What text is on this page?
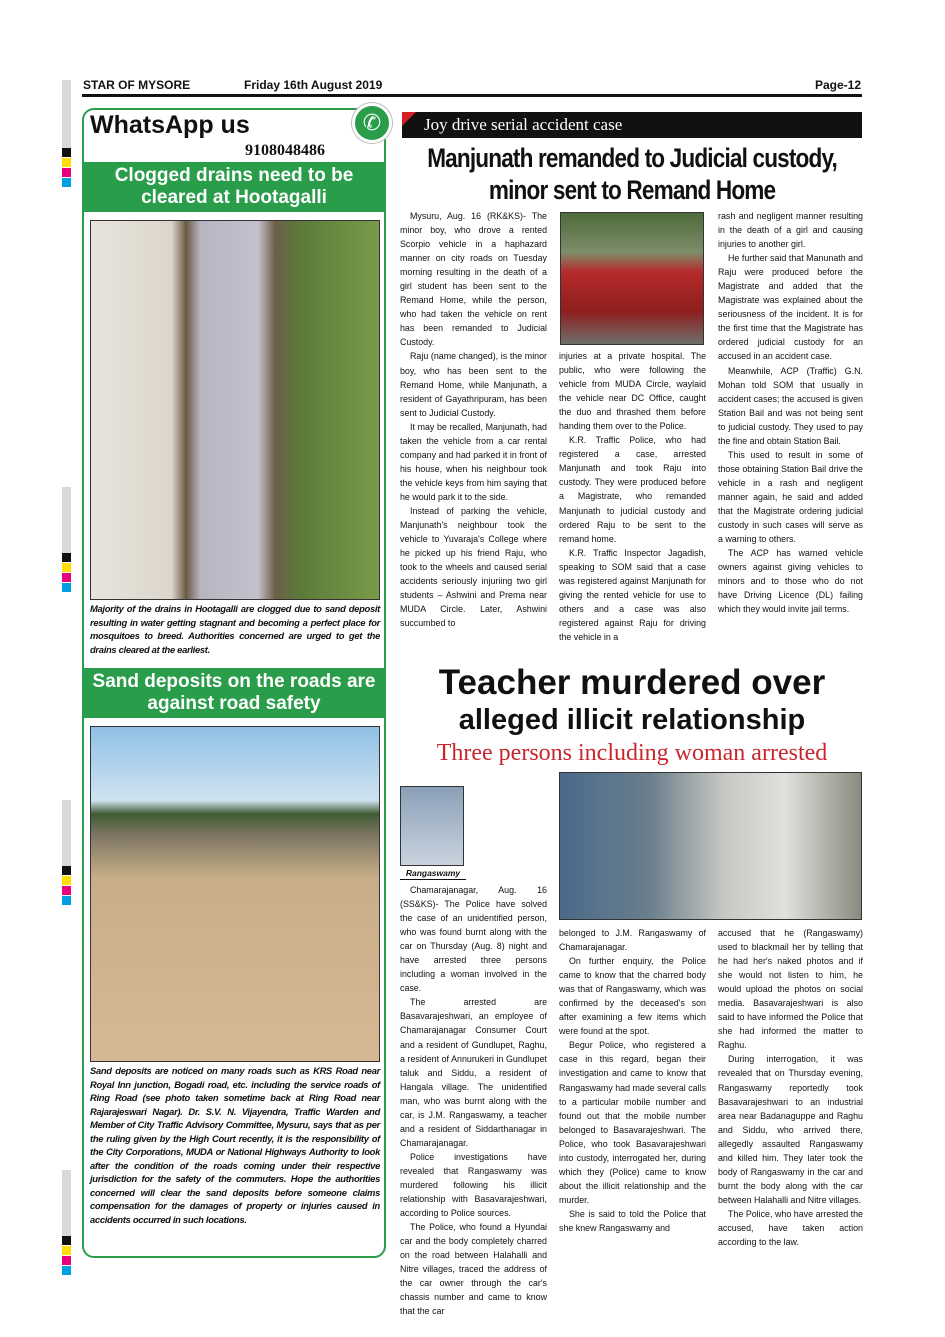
STAR OF MYSORE	Friday 16th August 2019	Page-12
WhatsApp us
9108048486
✆
Clogged drains need to be cleared at Hootagalli
Majority of the drains in Hootagalli are clogged due to sand deposit resulting in water getting stagnant and becoming a perfect place for mosquitoes to breed. Authorities concerned are urged to get the drains cleared at the earliest.
Sand deposits on the roads are against road safety
Sand deposits are noticed on many roads such as KRS Road near Royal Inn junction, Bogadi road, etc. including the service roads of Ring Road (see photo taken sometime back at Ring Road near Rajarajeswari Nagar). Dr. S.V. N. Vijayendra, Traffic Warden and Member of City Traffic Advisory Committee, Mysuru, says that as per the ruling given by the High Court recently, it is the responsibility of the City Corporations, MUDA or National Highways Authority to look after the condition of the roads coming under their respective jurisdiction for the safety of the commuters. Hope the authorities concerned will clear the sand deposits before someone claims compensation for the damages of property or injuries caused in accidents occurred in such locations.
Joy drive serial accident case
Manjunath remanded to Judicial custody, minor sent to Remand Home

Mysuru, Aug. 16 (RK&KS)- The minor boy, who drove a rented Scorpio vehicle in a haphazard manner on city roads on Tuesday morning resulting in the death of a girl student has been sent to the Remand Home, while the person, who had taken the vehicle on rent has been remanded to Judicial Custody.

Raju (name changed), is the minor boy, who has been sent to the Remand Home, while Manjunath, a resident of Gayathripuram, has been sent to Judicial Custody.

It may be recalled, Manjunath, had taken the vehicle from a car rental company and had parked it in front of his house, when his neighbour took the vehicle keys from him saying that he would park it to the side.

Instead of parking the vehicle, Manjunath's neighbour took the vehicle to Yuvaraja's College where he picked up his friend Raju, who took to the wheels and caused serial accidents seriously injuriing two girl students – Ashwini and Prema near MUDA Circle. Later, Ashwini succumbed to

injuries at a private hospital. The public, who were following the vehicle from MUDA Circle, waylaid the vehicle near DC Office, caught the duo and thrashed them before handing them over to the Police.

K.R. Traffic Police, who had registered a case, arrested Manjunath and took Raju into custody. They were produced before a Magistrate, who remanded Manjunath to judicial custody and ordered Raju to be sent to the remand home.

K.R. Traffic Inspector Jagadish, speaking to SOM said that a case was registered against Manjunath for giving the rented vehicle for use to others and a case was also registered against Raju for driving the vehicle in a

rash and negligent manner resulting in the death of a girl and causing injuries to another girl.

He further said that Manunath and Raju were produced before the Magistrate and added that the Magistrate was explained about the seriousness of the incident. It is for the first time that the Magistrate has ordered judicial custody for an accused in an accident case.

Meanwhile, ACP (Traffic) G.N. Mohan told SOM that usually in accident cases; the accused is given Station Bail and was not being sent to judicial custody. They used to pay the fine and obtain Station Bail.

This used to result in some of those obtaining Station Bail drive the vehicle in a rash and negligent manner again, he said and added that the Magistrate ordering judicial custody in such cases will serve as a warning to others.

The ACP has warned vehicle owners against giving vehicles to minors and to those who do not have Driving Licence (DL) failing which they would invite jail terms.

Teacher murdered over
alleged illicit relationship
Three persons including woman arrested

Chamarajanagar, Aug. 16 (SS&KS)- The Police have solved the case of an unidentified person, who was found burnt along with the car on Thursday (Aug. 8) night and have arrested three persons including a woman involved in the case.

The arrested are Basavarajeshwari, an employee of Chamarajanagar Consumer Court and a resident of Gundlupet, Raghu, a resident of Annurukeri in Gundlupet taluk and Siddu, a resident of Hangala village. The unidentified man, who was burnt along with the car, is J.M. Rangaswamy, a teacher and a resident of Siddarthanagar in Chamarajanagar.

Police investigations have revealed that Rangaswamy was murdered following his illicit relationship with Basavarajeshwari, according to Police sources.

The Police, who found a Hyundai car and the body completely charred on the road between Halahalli and Nitre villages, traced the address of the car owner through the car's chassis number and came to know that the car

Rangaswamy

belonged to J.M. Rangaswamy of Chamarajanagar.

On further enquiry, the Police came to know that the charred body was that of Rangaswamy, which was confirmed by the deceased's son after examining a few items which were found at the spot.

Begur Police, who registered a case in this regard, began their investigation and came to know that Rangaswamy had made several calls to a particular mobile number and found out that the mobile number belonged to Basavarajeshwari. The Police, who took Basavarajeshwari into custody, interrogated her, during which they (Police) came to know about the illicit relationship and the murder.

She is said to told the Police that she knew Rangaswamy and

accused that he (Rangaswamy) used to blackmail her by telling that he had her's naked photos and if she would not listen to him, he would upload the photos on social media. Basavarajeshwari is also said to have informed the Police that she had informed the matter to Raghu.

During interrogation, it was revealed that on Thursday evening, Rangaswamy reportedly took Basavarajeshwari to an industrial area near Badanaguppe and Raghu and Siddu, who arrived there, allegedly assaulted Rangaswamy and killed him. They later took the body of Rangaswamy in the car and burnt the body along with the car between Halahalli and Nitre villages.

The Police, who have arrested the accused, have taken action according to the law.
